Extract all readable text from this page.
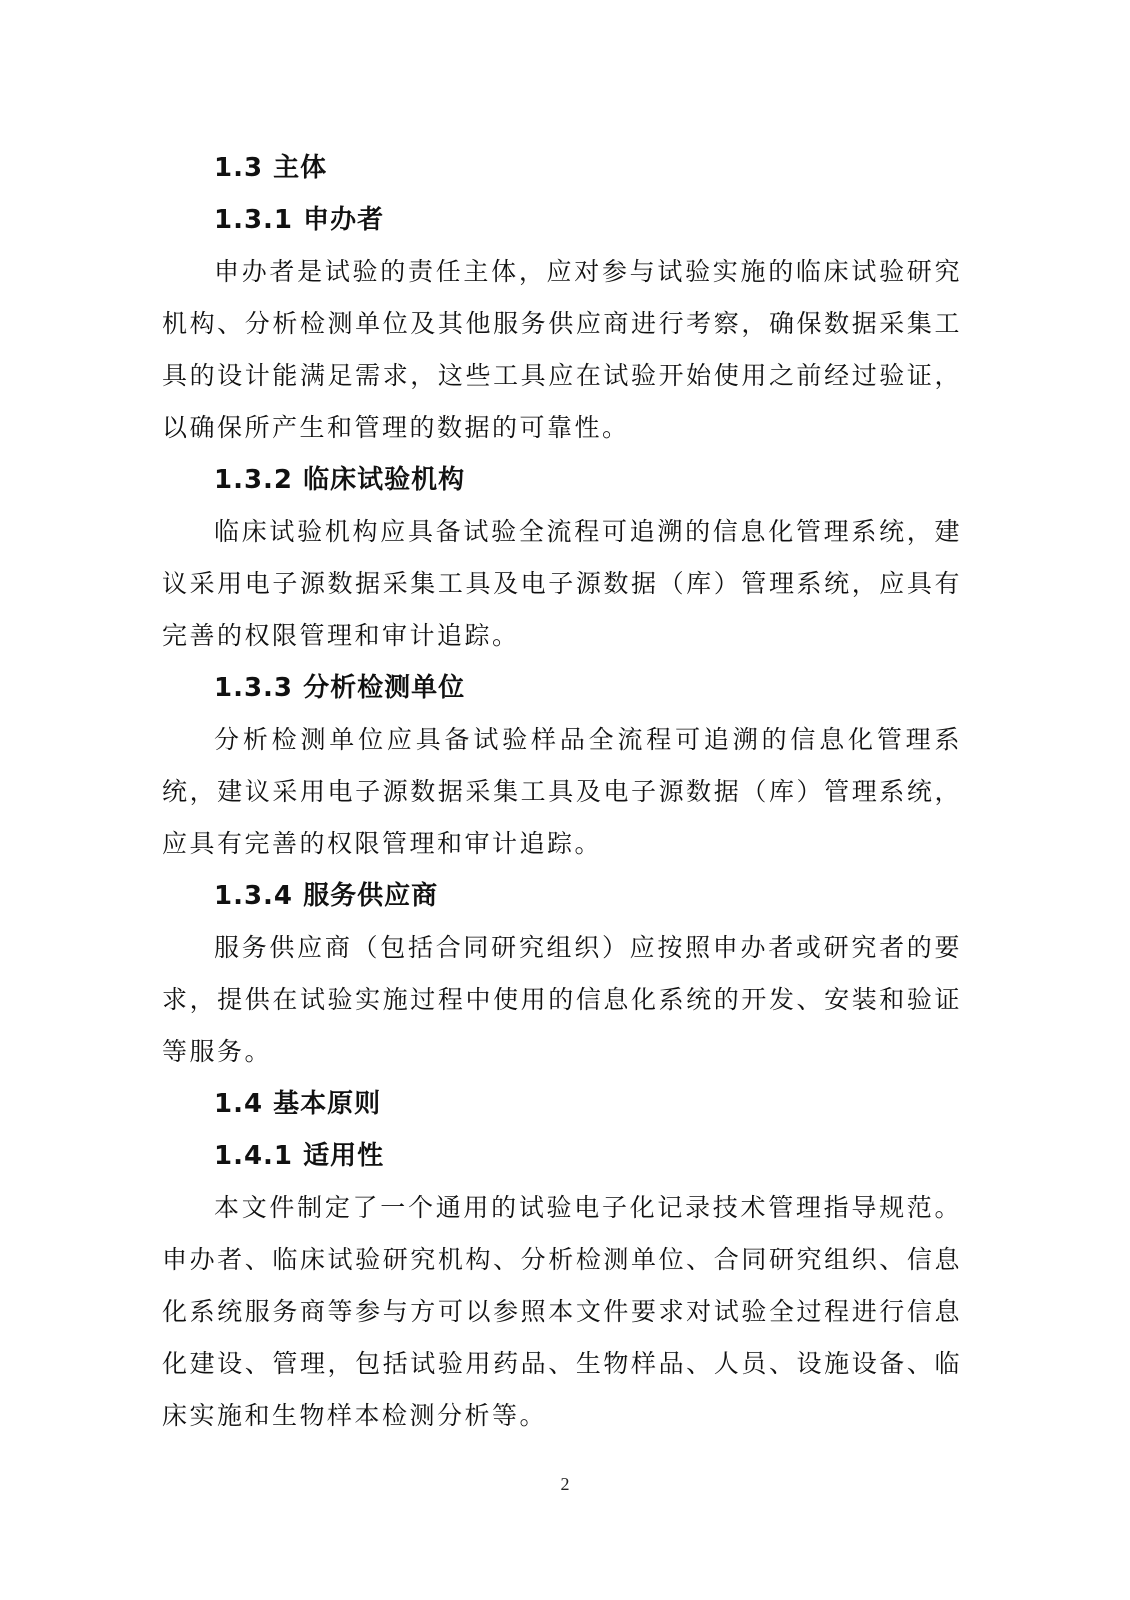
1.3 主体
1.3.1 申办者

申办者是试验的责任主体，应对参与试验实施的临床试验研究机构、分析检测单位及其他服务供应商进行考察，确保数据采集工具的设计能满足需求，这些工具应在试验开始使用之前经过验证，以确保所产生和管理的数据的可靠性。

1.3.2 临床试验机构

临床试验机构应具备试验全流程可追溯的信息化管理系统，建议采用电子源数据采集工具及电子源数据（库）管理系统，应具有完善的权限管理和审计追踪。

1.3.3 分析检测单位

分析检测单位应具备试验样品全流程可追溯的信息化管理系统，建议采用电子源数据采集工具及电子源数据（库）管理系统，应具有完善的权限管理和审计追踪。

1.3.4 服务供应商

服务供应商（包括合同研究组织）应按照申办者或研究者的要求，提供在试验实施过程中使用的信息化系统的开发、安装和验证等服务。

1.4 基本原则
1.4.1 适用性

本文件制定了一个通用的试验电子化记录技术管理指导规范。申办者、临床试验研究机构、分析检测单位、合同研究组织、信息化系统服务商等参与方可以参照本文件要求对试验全过程进行信息化建设、管理，包括试验用药品、生物样品、人员、设施设备、临床实施和生物样本检测分析等。

2
